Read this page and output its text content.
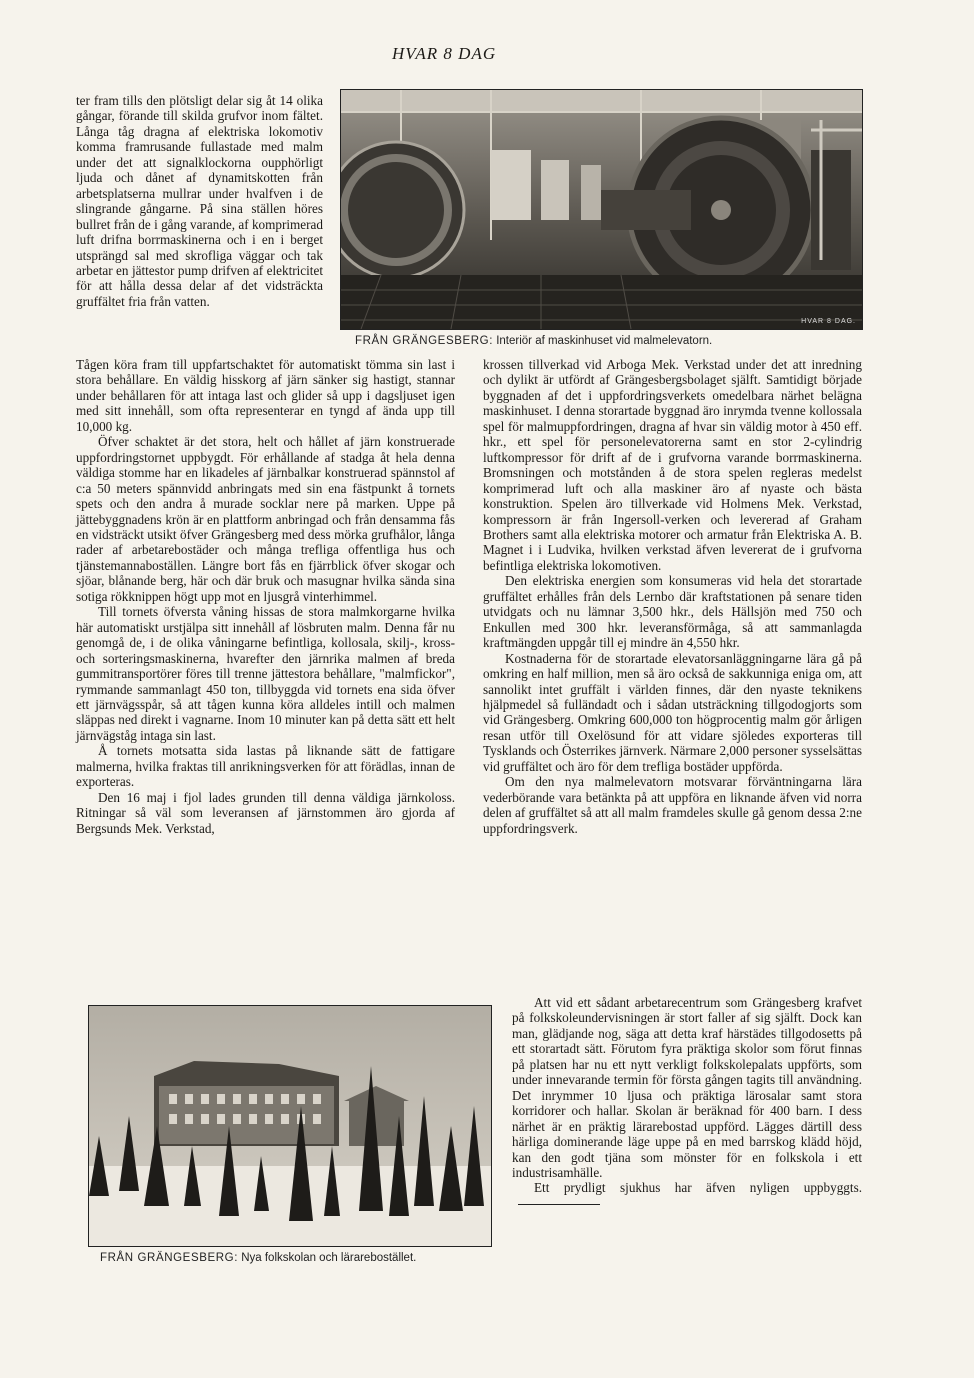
HVAR 8 DAG

ter fram tills den plötsligt delar sig åt 14 olika gångar, förande till skilda grufvor inom fältet. Långa tåg dragna af elektriska lokomotiv komma framrusande fullastade med malm under det att signalklockorna oupphörligt ljuda och dånet af dynamitskotten från arbetsplatserna mullrar under hvalfven i de slingrande gångarne. På sina ställen höres bullret från de i gång varande, af komprimerad luft drifna borrmaskinerna och i en i berget utsprängd sal med skrofliga väggar och tak arbetar en jättestor pump drifven af elektricitet för att hålla dessa delar af det vidsträckta gruffältet fria från vatten.

HVAR 8 DAG.
FRÅN GRÄNGESBERG: Interiör af maskinhuset vid malmelevatorn.

Tågen köra fram till uppfartschaktet för automatiskt tömma sin last i stora behållare. En väldig hisskorg af järn sänker sig hastigt, stannar under behållaren för att intaga last och glider så upp i dagsljuset igen med sitt innehåll, som ofta representerar en tyngd af ända upp till 10,000 kg.

Öfver schaktet är det stora, helt och hållet af järn konstruerade uppfordringstornet uppbygdt. För erhållande af stadga åt hela denna väldiga stomme har en likadeles af järnbalkar konstruerad spännstol af c:a 50 meters spännvidd anbringats med sin ena fästpunkt å tornets spets och den andra å murade socklar nere på marken. Uppe på jättebyggnadens krön är en plattform anbringad och från densamma fås en vidsträckt utsikt öfver Grängesberg med dess mörka grufhålor, långa rader af arbetarebostäder och många trefliga offentliga hus och tjänstemannaboställen. Längre bort fås en fjärrblick öfver skogar och sjöar, blånande berg, här och där bruk och masugnar hvilka sända sina sotiga rökknippen högt upp mot en ljusgrå vinterhimmel.

Till tornets öfversta våning hissas de stora malmkorgarne hvilka här automatiskt urstjälpa sitt innehåll af lösbruten malm. Denna får nu genomgå de, i de olika våningarne befintliga, kollosala, skilj-, kross- och sorteringsmaskinerna, hvarefter den järnrika malmen af breda gummitransportörer föres till trenne jättestora behållare, "malmfickor", rymmande sammanlagt 450 ton, tillbyggda vid tornets ena sida öfver ett järnvägsspår, så att tågen kunna köra alldeles intill och malmen släppas ned direkt i vagnarne. Inom 10 minuter kan på detta sätt ett helt järnvägståg intaga sin last.

Å tornets motsatta sida lastas på liknande sätt de fattigare malmerna, hvilka fraktas till anrikningsverken för att förädlas, innan de exporteras.

Den 16 maj i fjol lades grunden till denna väldiga järnkoloss. Ritningar så väl som leveransen af järnstommen äro gjorda af Bergsunds Mek. Verkstad,

krossen tillverkad vid Arboga Mek. Verkstad under det att inredning och dylikt är utfördt af Grängesbergsbolaget själft. Samtidigt började byggnaden af det i uppfordringsverkets omedelbara närhet belägna maskinhuset. I denna storartade byggnad äro inrymda tvenne kollossala spel för malmuppfordringen, dragna af hvar sin väldig motor à 450 eff. hkr., ett spel för personelevatorerna samt en stor 2-cylindrig luftkompressor för drift af de i grufvorna varande borrmaskinerna. Bromsningen och motstånden å de stora spelen regleras medelst komprimerad luft och alla maskiner äro af nyaste och bästa konstruktion. Spelen äro tillverkade vid Holmens Mek. Verkstad, kompressorn är från Ingersoll-verken och levererad af Graham Brothers samt alla elektriska motorer och armatur från Elektriska A. B. Magnet i i Ludvika, hvilken verkstad äfven levererat de i grufvorna befintliga elektriska lokomotiven.

Den elektriska energien som konsumeras vid hela det storartade gruffältet erhålles från dels Lernbo där kraftstationen på senare tiden utvidgats och nu lämnar 3,500 hkr., dels Hällsjön med 750 och Enkullen med 300 hkr. leveransförmåga, så att sammanlagda kraftmängden uppgår till ej mindre än 4,550 hkr.

Kostnaderna för de storartade elevatorsanläggningarne lära gå på omkring en half million, men så äro också de sakkunniga eniga om, att sannolikt intet gruffält i världen finnes, där den nyaste teknikens hjälpmedel så fulländadt och i sådan utsträckning tillgodogjorts som vid Grängesberg. Omkring 600,000 ton högprocentig malm gör årligen resan utför till Oxelösund för att vidare sjöledes exporteras till Tysklands och Österrikes järnverk. Närmare 2,000 personer sysselsättas vid gruffältet och äro för dem trefliga bostäder uppförda.

Om den nya malmelevatorn motsvarar förväntningarna lära vederbörande vara betänkta på att uppföra en liknande äfven vid norra delen af gruffältet så att all malm framdeles skulle gå genom dessa 2:ne uppfordringsverk.

FRÅN GRÄNGESBERG: Nya folkskolan och lärarebostället.

Att vid ett sådant arbetarecentrum som Grängesberg krafvet på folkskoleundervisningen är stort faller af sig själft. Dock kan man, glädjande nog, säga att detta kraf härstädes tillgodosetts på ett storartadt sätt. Förutom fyra präktiga skolor som förut finnas på platsen har nu ett nytt verkligt folkskolepalats uppförts, som under innevarande termin för första gången tagits till användning. Det inrymmer 10 ljusa och präktiga lärosalar samt stora korridorer och hallar. Skolan är beräknad för 400 barn. I dess närhet är en präktig lärarebostad uppförd. Lägges därtill dess härliga dominerande läge uppe på en med barrskog klädd höjd, kan den godt tjäna som mönster för en folkskola i ett industrisamhälle.

Ett prydligt sjukhus har äfven nyligen uppbyggts.
